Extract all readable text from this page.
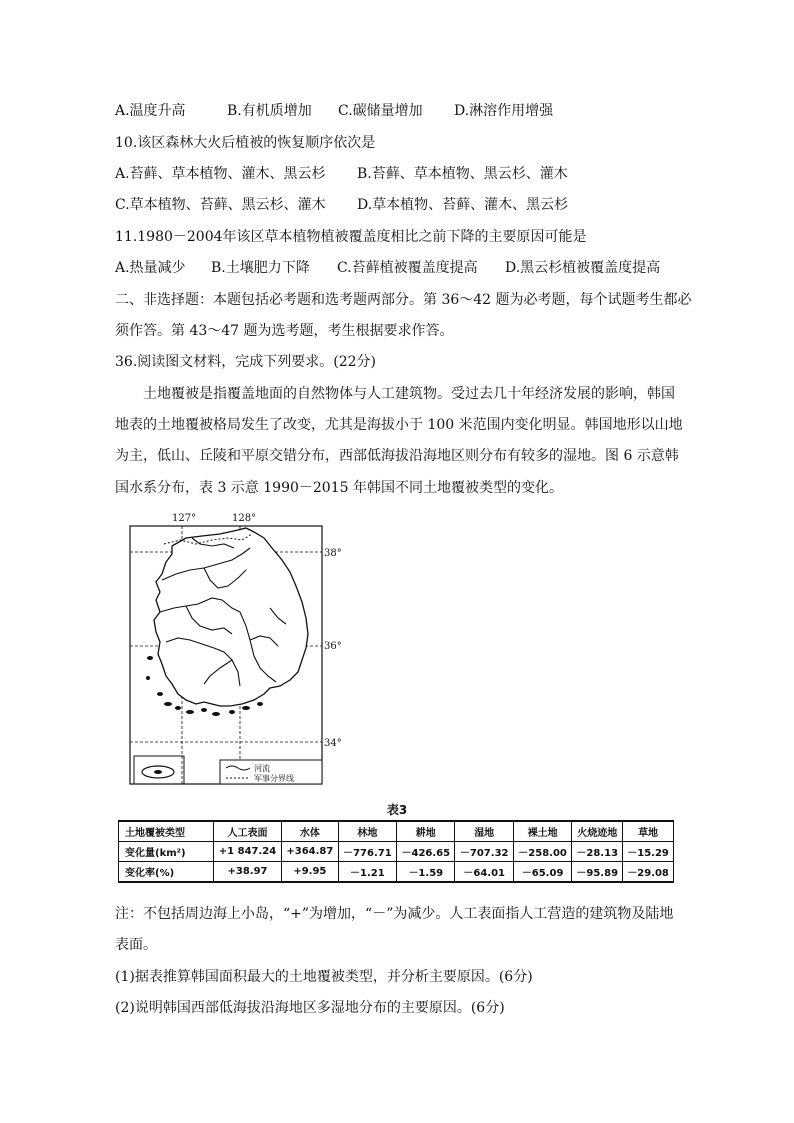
A.温度升高	B.有机质增加	C.碳储量增加	D.淋溶作用增强
10.该区森林大火后植被的恢复顺序依次是
A.苔藓、草本植物、灌木、黑云杉	B.苔藓、草本植物、黑云杉、灌木
C.草本植物、苔藓、黑云杉、灌木	D.草本植物、苔藓、灌木、黑云杉
11.1980－2004年该区草本植物植被覆盖度相比之前下降的主要原因可能是
A.热量减少	B.土壤肥力下降	C.苔藓植被覆盖度提高	D.黑云杉植被覆盖度提高
二、非选择题：本题包括必考题和选考题两部分。第 36～42 题为必考题，每个试题考生都必
须作答。第 43～47 题为选考题，考生根据要求作答。
36.阅读图文材料，完成下列要求。(22分)
土地覆被是指覆盖地面的自然物体与人工建筑物。受过去几十年经济发展的影响，韩国
地表的土地覆被格局发生了改变，尤其是海拔小于 100 米范围内变化明显。韩国地形以山地
为主，低山、丘陵和平原交错分布，西部低海拔沿海地区则分布有较多的湿地。图 6 示意韩
国水系分布，表 3 示意 1990－2015 年韩国不同土地覆被类型的变化。
127°	128°
38°
36°
34°
河流
军事分界线
表3
土地覆被类型	人工表面	水体	林地	耕地	湿地	裸土地	火烧迹地	草地
变化量(km²)	+1 847.24	+364.87	－776.71	－426.65	－707.32	－258.00	－28.13	－15.29
变化率(%)	+38.97	+9.95	－1.21	－1.59	－64.01	－65.09	－95.89	－29.08
注：不包括周边海上小岛，“+”为增加，“－”为减少。人工表面指人工营造的建筑物及陆地
表面。
(1)据表推算韩国面积最大的土地覆被类型，并分析主要原因。(6分)
(2)说明韩国西部低海拔沿海地区多湿地分布的主要原因。(6分)
